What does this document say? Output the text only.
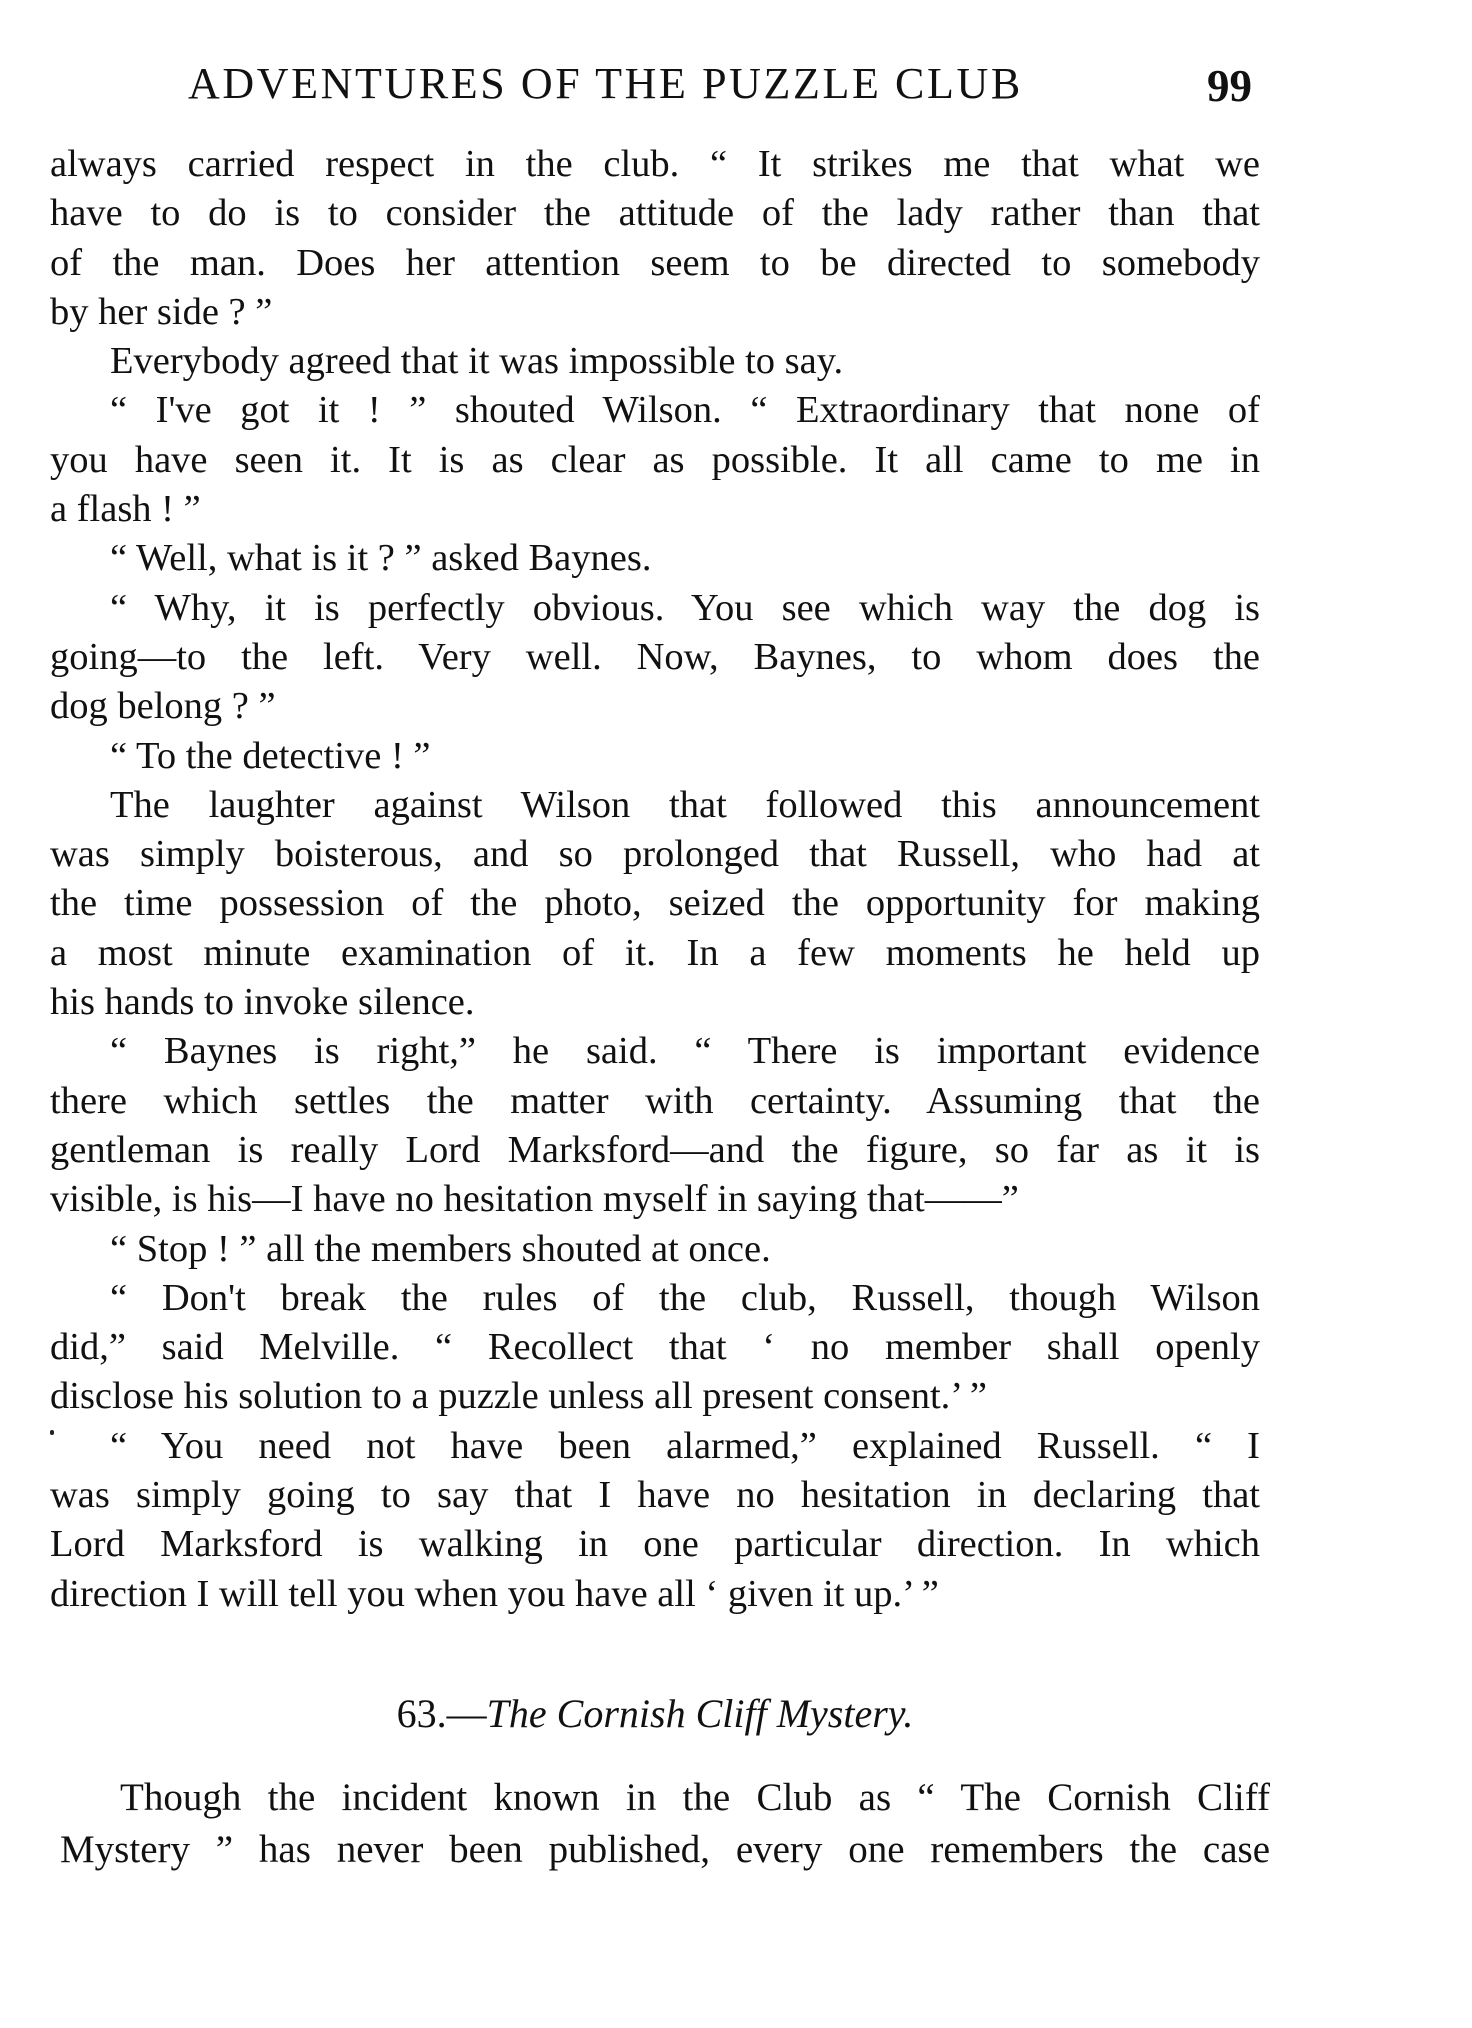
ADVENTURES OF THE PUZZLE CLUB	99
always carried respect in the club. “ It strikes me that what we
have to do is to consider the attitude of the lady rather than that
of the man. Does her attention seem to be directed to somebody
by her side ? ”
Everybody agreed that it was impossible to say.
“ I've got it ! ” shouted Wilson. “ Extraordinary that none of
you have seen it. It is as clear as possible. It all came to me in
a flash ! ”
“ Well, what is it ? ” asked Baynes.
“ Why, it is perfectly obvious. You see which way the dog is
going—to the left. Very well. Now, Baynes, to whom does the
dog belong ? ”
“ To the detective ! ”
The laughter against Wilson that followed this announcement
was simply boisterous, and so prolonged that Russell, who had at
the time possession of the photo, seized the opportunity for making
a most minute examination of it. In a few moments he held up
his hands to invoke silence.
“ Baynes is right,” he said. “ There is important evidence
there which settles the matter with certainty. Assuming that the
gentleman is really Lord Marksford—and the figure, so far as it is
visible, is his—I have no hesitation myself in saying that——”
“ Stop ! ” all the members shouted at once.
“ Don't break the rules of the club, Russell, though Wilson
did,” said Melville. “ Recollect that ‘ no member shall openly
disclose his solution to a puzzle unless all present consent.’ ”
“ You need not have been alarmed,” explained Russell. “ I
was simply going to say that I have no hesitation in declaring that
Lord Marksford is walking in one particular direction. In which
direction I will tell you when you have all ‘ given it up.’ ”
63.—The Cornish Cliff Mystery.
Though the incident known in the Club as “ The Cornish Cliff
Mystery ” has never been published, every one remembers the case
